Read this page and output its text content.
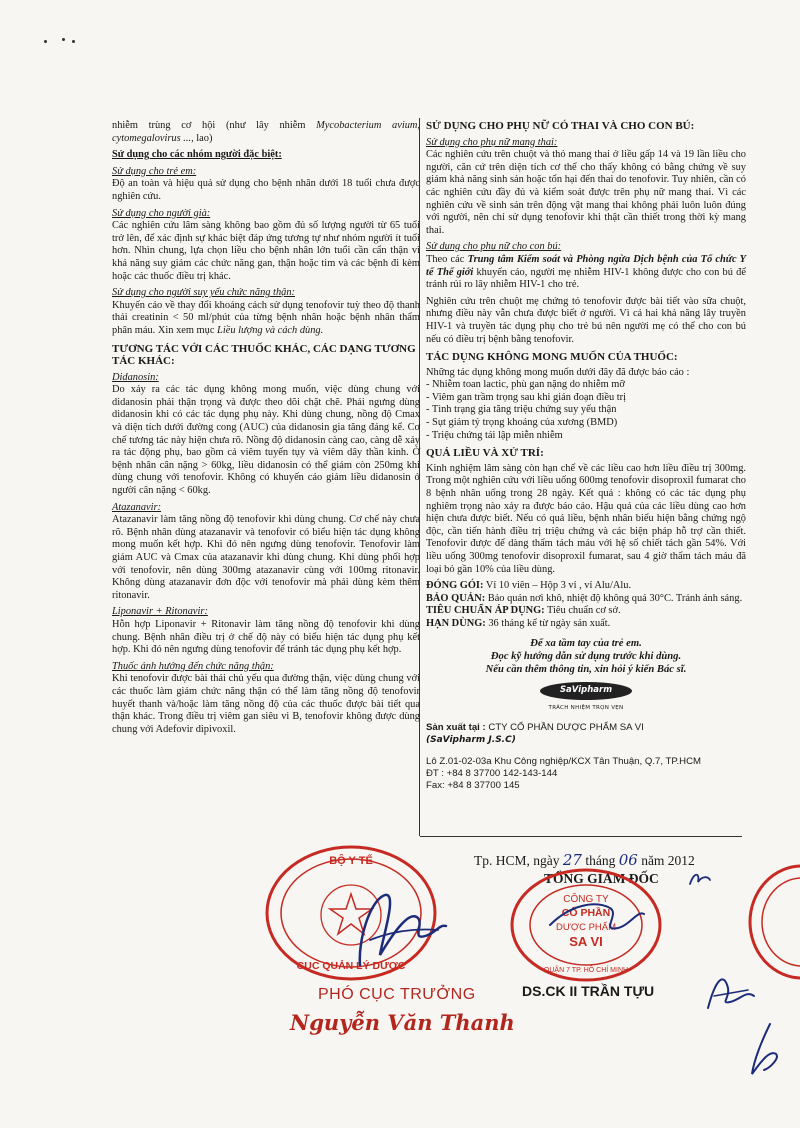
nhiễm trùng cơ hội (như lây nhiễm Mycobacterium avium, cytomegalovirus ..., lao)

Sử dụng cho các nhóm người đặc biệt:
Sử dụng cho trẻ em:

Độ an toàn và hiệu quả sử dụng cho bệnh nhân dưới 18 tuổi chưa được nghiên cứu.

Sử dụng cho người già:

Các nghiên cứu lâm sàng không bao gồm đủ số lượng người từ 65 tuổi trở lên, để xác định sự khác biệt đáp ứng tương tự như nhóm người ít tuổi hơn. Nhìn chung, lựa chọn liều cho bệnh nhân lớn tuổi cần cẩn thận vì khả năng suy giảm các chức năng gan, thận hoặc tim và các bệnh đi kèm hoặc các thuốc điều trị khác.

Sử dụng cho người suy yếu chức năng thận:

Khuyến cáo về thay đổi khoảng cách sử dụng tenofovir tuỳ theo độ thanh thải creatinin < 50 ml/phút của từng bệnh nhân hoặc bệnh nhân thẩm phân máu. Xin xem mục Liều lượng và cách dùng.

TƯƠNG TÁC VỚI CÁC THUỐC KHÁC, CÁC DẠNG TƯƠNG TÁC KHÁC:
Didanosin:

Do xảy ra các tác dụng không mong muốn, việc dùng chung với didanosin phải thận trọng và được theo dõi chặt chẽ. Phải ngưng dùng didanosin khi có các tác dụng phụ này. Khi dùng chung, nồng độ Cmax và diện tích dưới đường cong (AUC) của didanosin gia tăng đáng kể. Cơ chế tương tác này hiện chưa rõ. Nồng độ didanosin càng cao, càng dễ xảy ra tác động phụ, bao gồm cả viêm tuyến tụy và viêm dây thần kinh. Ở bệnh nhân cân nặng > 60kg, liều didanosin có thể giảm còn 250mg khi dùng chung với tenofovir. Không có khuyến cáo giảm liều didanosin ở người cân nặng < 60kg.

Atazanavir:

Atazanavir làm tăng nồng độ tenofovir khi dùng chung. Cơ chế này chưa rõ. Bệnh nhân dùng atazanavir và tenofovir có biểu hiện tác dụng không mong muốn kết hợp. Khi đó nên ngưng dùng tenofovir. Tenofovir làm giảm AUC và Cmax của atazanavir khi dùng chung. Khi dùng phối hợp với tenofovir, nên dùng 300mg atazanavir cùng với 100mg ritonavir. Không dùng atazanavir đơn độc với tenofovir mà phải dùng kèm thêm ritonavir.

Liponavir + Ritonavir:

Hỗn hợp Liponavir + Ritonavir làm tăng nồng độ tenofovir khi dùng chung. Bệnh nhân điều trị ở chế độ này có biểu hiện tác dụng phụ kết hợp. Khi đó nên ngưng dùng tenofovir để tránh tác dụng phụ kết hợp.

Thuốc ảnh hưởng đến chức năng thận:

Khi tenofovir được bài thải chủ yếu qua đường thận, việc dùng chung với các thuốc làm giảm chức năng thận có thể làm tăng nồng độ tenofovir huyết thanh và/hoặc làm tăng nồng độ của các thuốc được bài tiết qua thận khác. Trong điều trị viêm gan siêu vi B, tenofovir không được dùng chung với Adefovir dipivoxil.

SỬ DỤNG CHO PHỤ NỮ CÓ THAI VÀ CHO CON BÚ:
Sử dụng cho phụ nữ mang thai:

Các nghiên cứu trên chuột và thỏ mang thai ở liều gấp 14 và 19 lần liều cho người, căn cứ trên diện tích cơ thể cho thấy không có bằng chứng về suy giảm khả năng sinh sản hoặc tổn hại đến thai do tenofovir. Tuy nhiên, cần có các nghiên cứu đầy đủ và kiểm soát được trên phụ nữ mang thai. Vì các nghiên cứu về sinh sản trên động vật mang thai không phải luôn luôn đúng với người, nên chỉ sử dụng tenofovir khi thật cần thiết trong thời kỳ mang thai.

Sử dụng cho phụ nữ cho con bú:

Theo các Trung tâm Kiểm soát và Phòng ngừa Dịch bệnh của Tổ chức Y tế Thế giới khuyến cáo, người mẹ nhiễm HIV-1 không được cho con bú để tránh rủi ro lây nhiễm HIV-1 cho trẻ.

Nghiên cứu trên chuột mẹ chứng tỏ tenofovir được bài tiết vào sữa chuột, nhưng điều này vẫn chưa được biết ở người. Vì cả hai khả năng lây truyền HIV-1 và truyền tác dụng phụ cho trẻ bú nên người mẹ có thể cho con bú nếu có điều trị bệnh bằng tenofovir.

TÁC DỤNG KHÔNG MONG MUỐN CỦA THUỐC:
Những tác dụng không mong muốn dưới đây đã được báo cáo :
- Nhiễm toan lactic, phù gan nặng do nhiễm mỡ
- Viêm gan trầm trọng sau khi gián đoạn điều trị
- Tình trạng gia tăng triệu chứng suy yếu thận
- Sụt giảm tỷ trọng khoáng của xương (BMD)
- Triệu chứng tái lập miễn nhiễm
QUÁ LIỀU VÀ XỬ TRÍ:

Kinh nghiệm lâm sàng còn hạn chế về các liều cao hơn liều điều trị 300mg. Trong một nghiên cứu với liều uống 600mg tenofovir disoproxil fumarat cho 8 bệnh nhân uống trong 28 ngày. Kết quả : không có các tác dụng phụ nghiêm trọng nào xảy ra được báo cáo. Hậu quả của các liều dùng cao hơn hiện chưa được biết. Nếu có quá liều, bệnh nhân biểu hiện bằng chứng ngộ độc, cần tiến hành điều trị triệu chứng và các biện pháp hỗ trợ cần thiết. Tenofovir được để dàng thẩm tách máu với hệ số chiết tách gần 54%. Với liều uống 300mg tenofovir disoproxil fumarat, sau 4 giờ thẩm tách máu đã loại bỏ gần 10% của liều dùng.

ĐÓNG GÓI: Vỉ 10 viên – Hộp 3 vỉ , vỉ Alu/Alu.
BẢO QUẢN: Bảo quản nơi khô, nhiệt độ không quá 30°C. Tránh ánh sáng.
TIÊU CHUẨN ÁP DỤNG: Tiêu chuẩn cơ sở.
HẠN DÙNG: 36 tháng kể từ ngày sản xuất.
Để xa tầm tay của trẻ em.
Đọc kỹ hướng dẫn sử dụng trước khi dùng.
Nếu cần thêm thông tin, xin hỏi ý kiến Bác sĩ.
SaVipharm
TRÁCH NHIỆM TRỌN VẸN
Sản xuất tại : CTY CỔ PHẦN DƯỢC PHẨM SA VI
(SaVipharm J.S.C)
Lô Z.01-02-03a Khu Công nghiệp/KCX Tân Thuận, Q.7, TP.HCM
ĐT : +84 8 37700 142-143-144
Fax: +84 8 37700 145
Tp. HCM, ngày 27 tháng 06 năm 2012
TỔNG GIÁM ĐỐC
BỘ Y TẾ
CỤC QUẢN LÝ DƯỢC
CÔNG TY
CỔ PHẦN
DƯỢC PHẨM
SA VI
QUẬN 7 TP. HỒ CHÍ MINH
DS.CK II TRẦN TỰU
PHÓ CỤC TRƯỞNG
Nguyễn Văn Thanh
